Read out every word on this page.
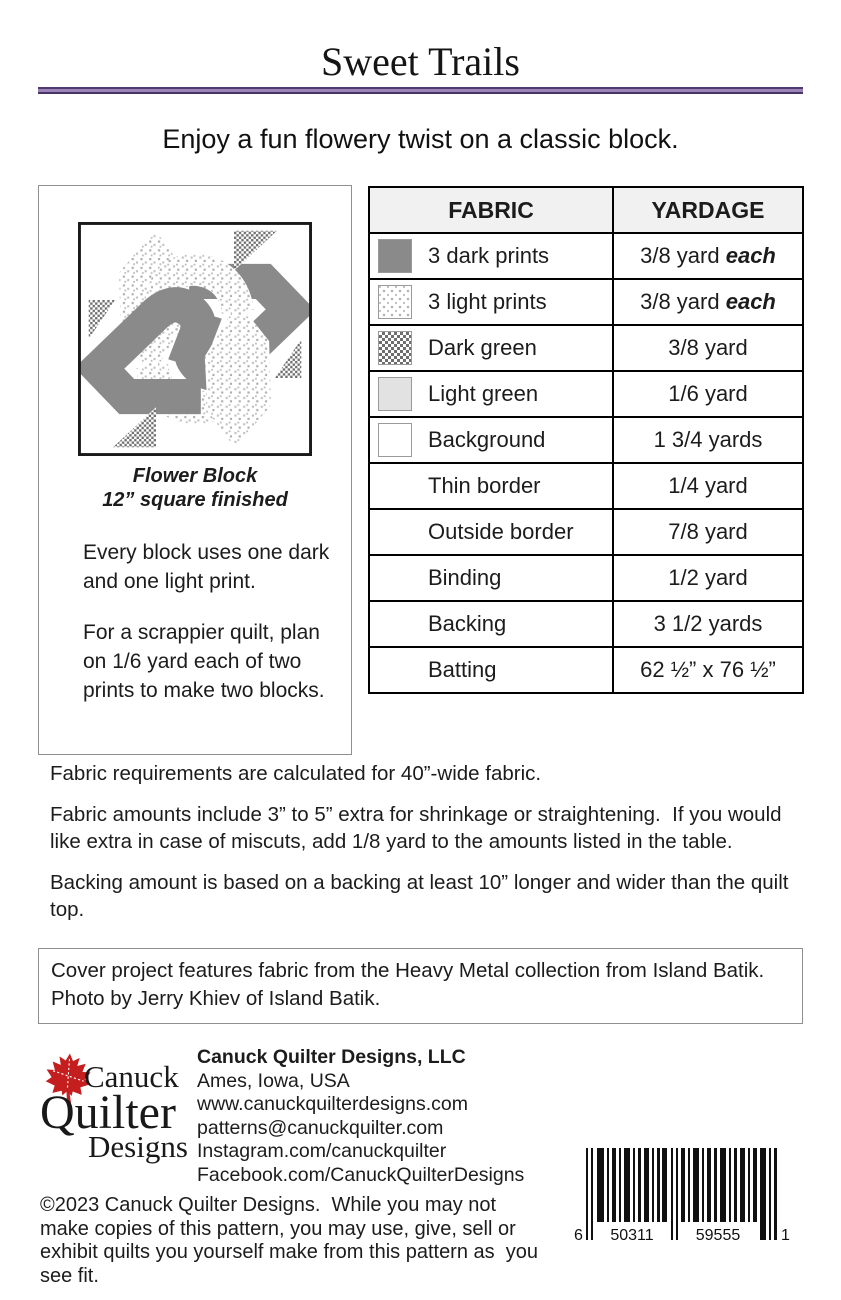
Sweet Trails
Enjoy a fun flowery twist on a classic block.
Flower Block
12” square finished

Every block uses one dark and one light print.

For a scrappier quilt, plan on 1/6 yard each of two prints to make two blocks.

FABRIC	YARDAGE

3 dark prints	3/8 yard each

3 light prints	3/8 yard each

Dark green	3/8 yard

Light green	1/6 yard

Background	1 3/4 yards
Thin border	1/4 yard
Outside border	7/8 yard
Binding	1/2 yard
Backing	3 1/2 yards
Batting	62 ½” x 76 ½”

Fabric requirements are calculated for 40”-wide fabric.

Fabric amounts include 3” to 5” extra for shrinkage or straightening.  If you would like extra in case of miscuts, add 1/8 yard to the amounts listed in the table.

Backing amount is based on a backing at least 10” longer and wider than the quilt top.

Cover project features fabric from the Heavy Metal collection from Island Batik.  Photo by Jerry Khiev of Island Batik.

Canuck
Quilter
Designs
Canuck Quilter Designs, LLC
Ames, Iowa, USA
www.canuckquilterdesigns.com
patterns@canuckquilter.com
Instagram.com/canuckquilter
Facebook.com/CanuckQuilterDesigns
©2023 Canuck Quilter Designs.  While you may not make copies of this pattern, you may use, give, sell or exhibit quilts you yourself make from this pattern as  you see fit.
6 50311	59555	1
